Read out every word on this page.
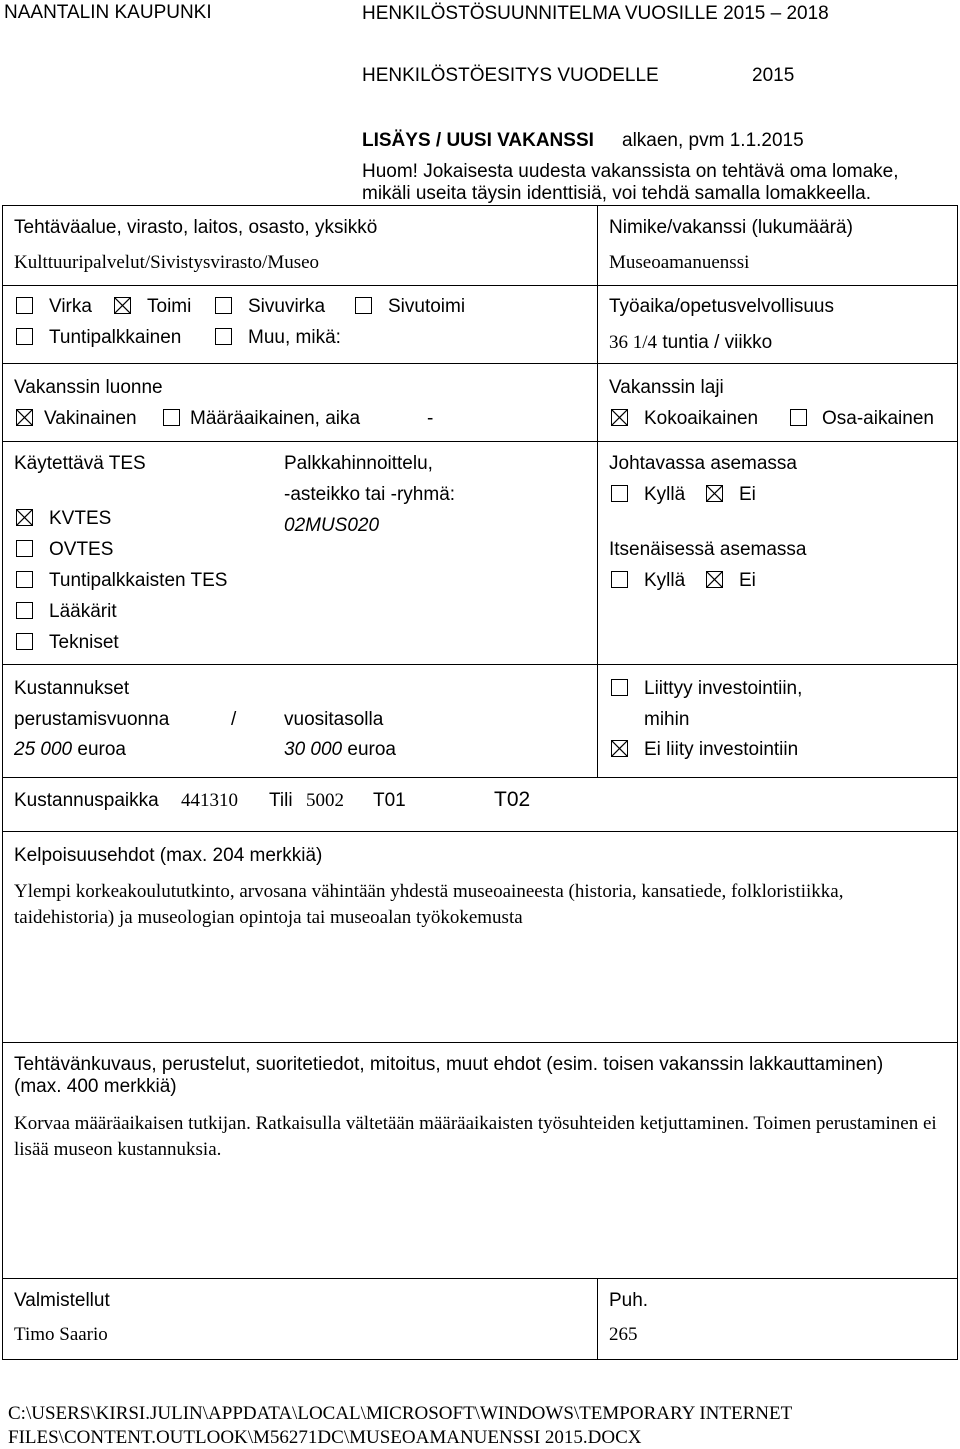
NAANTALIN KAUPUNKI	HENKILÖSTÖSUUNNITELMA VUOSILLE 2015 – 2018
HENKILÖSTÖESITYS VUODELLE	2015
LISÄYS / UUSI VAKANSSI alkaen, pvm 1.1.2015
Huom! Jokaisesta uudesta vakanssista on tehtävä oma lomake,
mikäli useita täysin identtisiä, voi tehdä samalla lomakkeella.
Tehtäväalue, virasto, laitos, osasto, yksikkö
Kulttuuripalvelut/Sivistysvirasto/Museo
Nimike/vakanssi (lukumäärä)
Museoamanuenssi
Virka	Toimi	Sivuvirka	Sivutoimi
Tuntipalkkainen	Muu, mikä:
Työaika/opetusvelvollisuus
36 1/4 tuntia / viikko
Vakanssin luonne
Vakinainen	Määräaikainen, aika	-
Vakanssin laji
Kokoaikainen	Osa-aikainen
Käytettävä TES
KVTES
OVTES
Tuntipalkkaisten TES
Lääkärit
Tekniset
Palkkahinnoittelu,
-asteikko tai -ryhmä:
02MUS020
Johtavassa asemassa
Kyllä	Ei
Itsenäisessä asemassa
Kyllä	Ei
Kustannukset
perustamisvuonna	/	vuositasolla
25 000 euroa	30 000 euroa
Liittyy investointiin,
mihin
Ei liity investointiin
Kustannuspaikka 441310 Tili 5002 T01	T02
Kelpoisuusehdot (max. 204 merkkiä)
Ylempi korkeakoulututkinto, arvosana vähintään yhdestä museoaineesta (historia, kansatiede, folkloristiikka, taidehistoria) ja museologian opintoja tai museoalan työkokemusta
Tehtävänkuvaus, perustelut, suoritetiedot, mitoitus, muut ehdot (esim. toisen vakanssin lakkauttaminen)
(max. 400 merkkiä)
Korvaa määräaikaisen tutkijan. Ratkaisulla vältetään määräaikaisten työsuhteiden ketjuttaminen. Toimen perustaminen ei lisää museon kustannuksia.
Valmistellut
Timo Saario
Puh.
265
C:\USERS\KIRSI.JULIN\APPDATA\LOCAL\MICROSOFT\WINDOWS\TEMPORARY INTERNET
FILES\CONTENT.OUTLOOK\M56271DC\MUSEOAMANUENSSI 2015.DOCX
